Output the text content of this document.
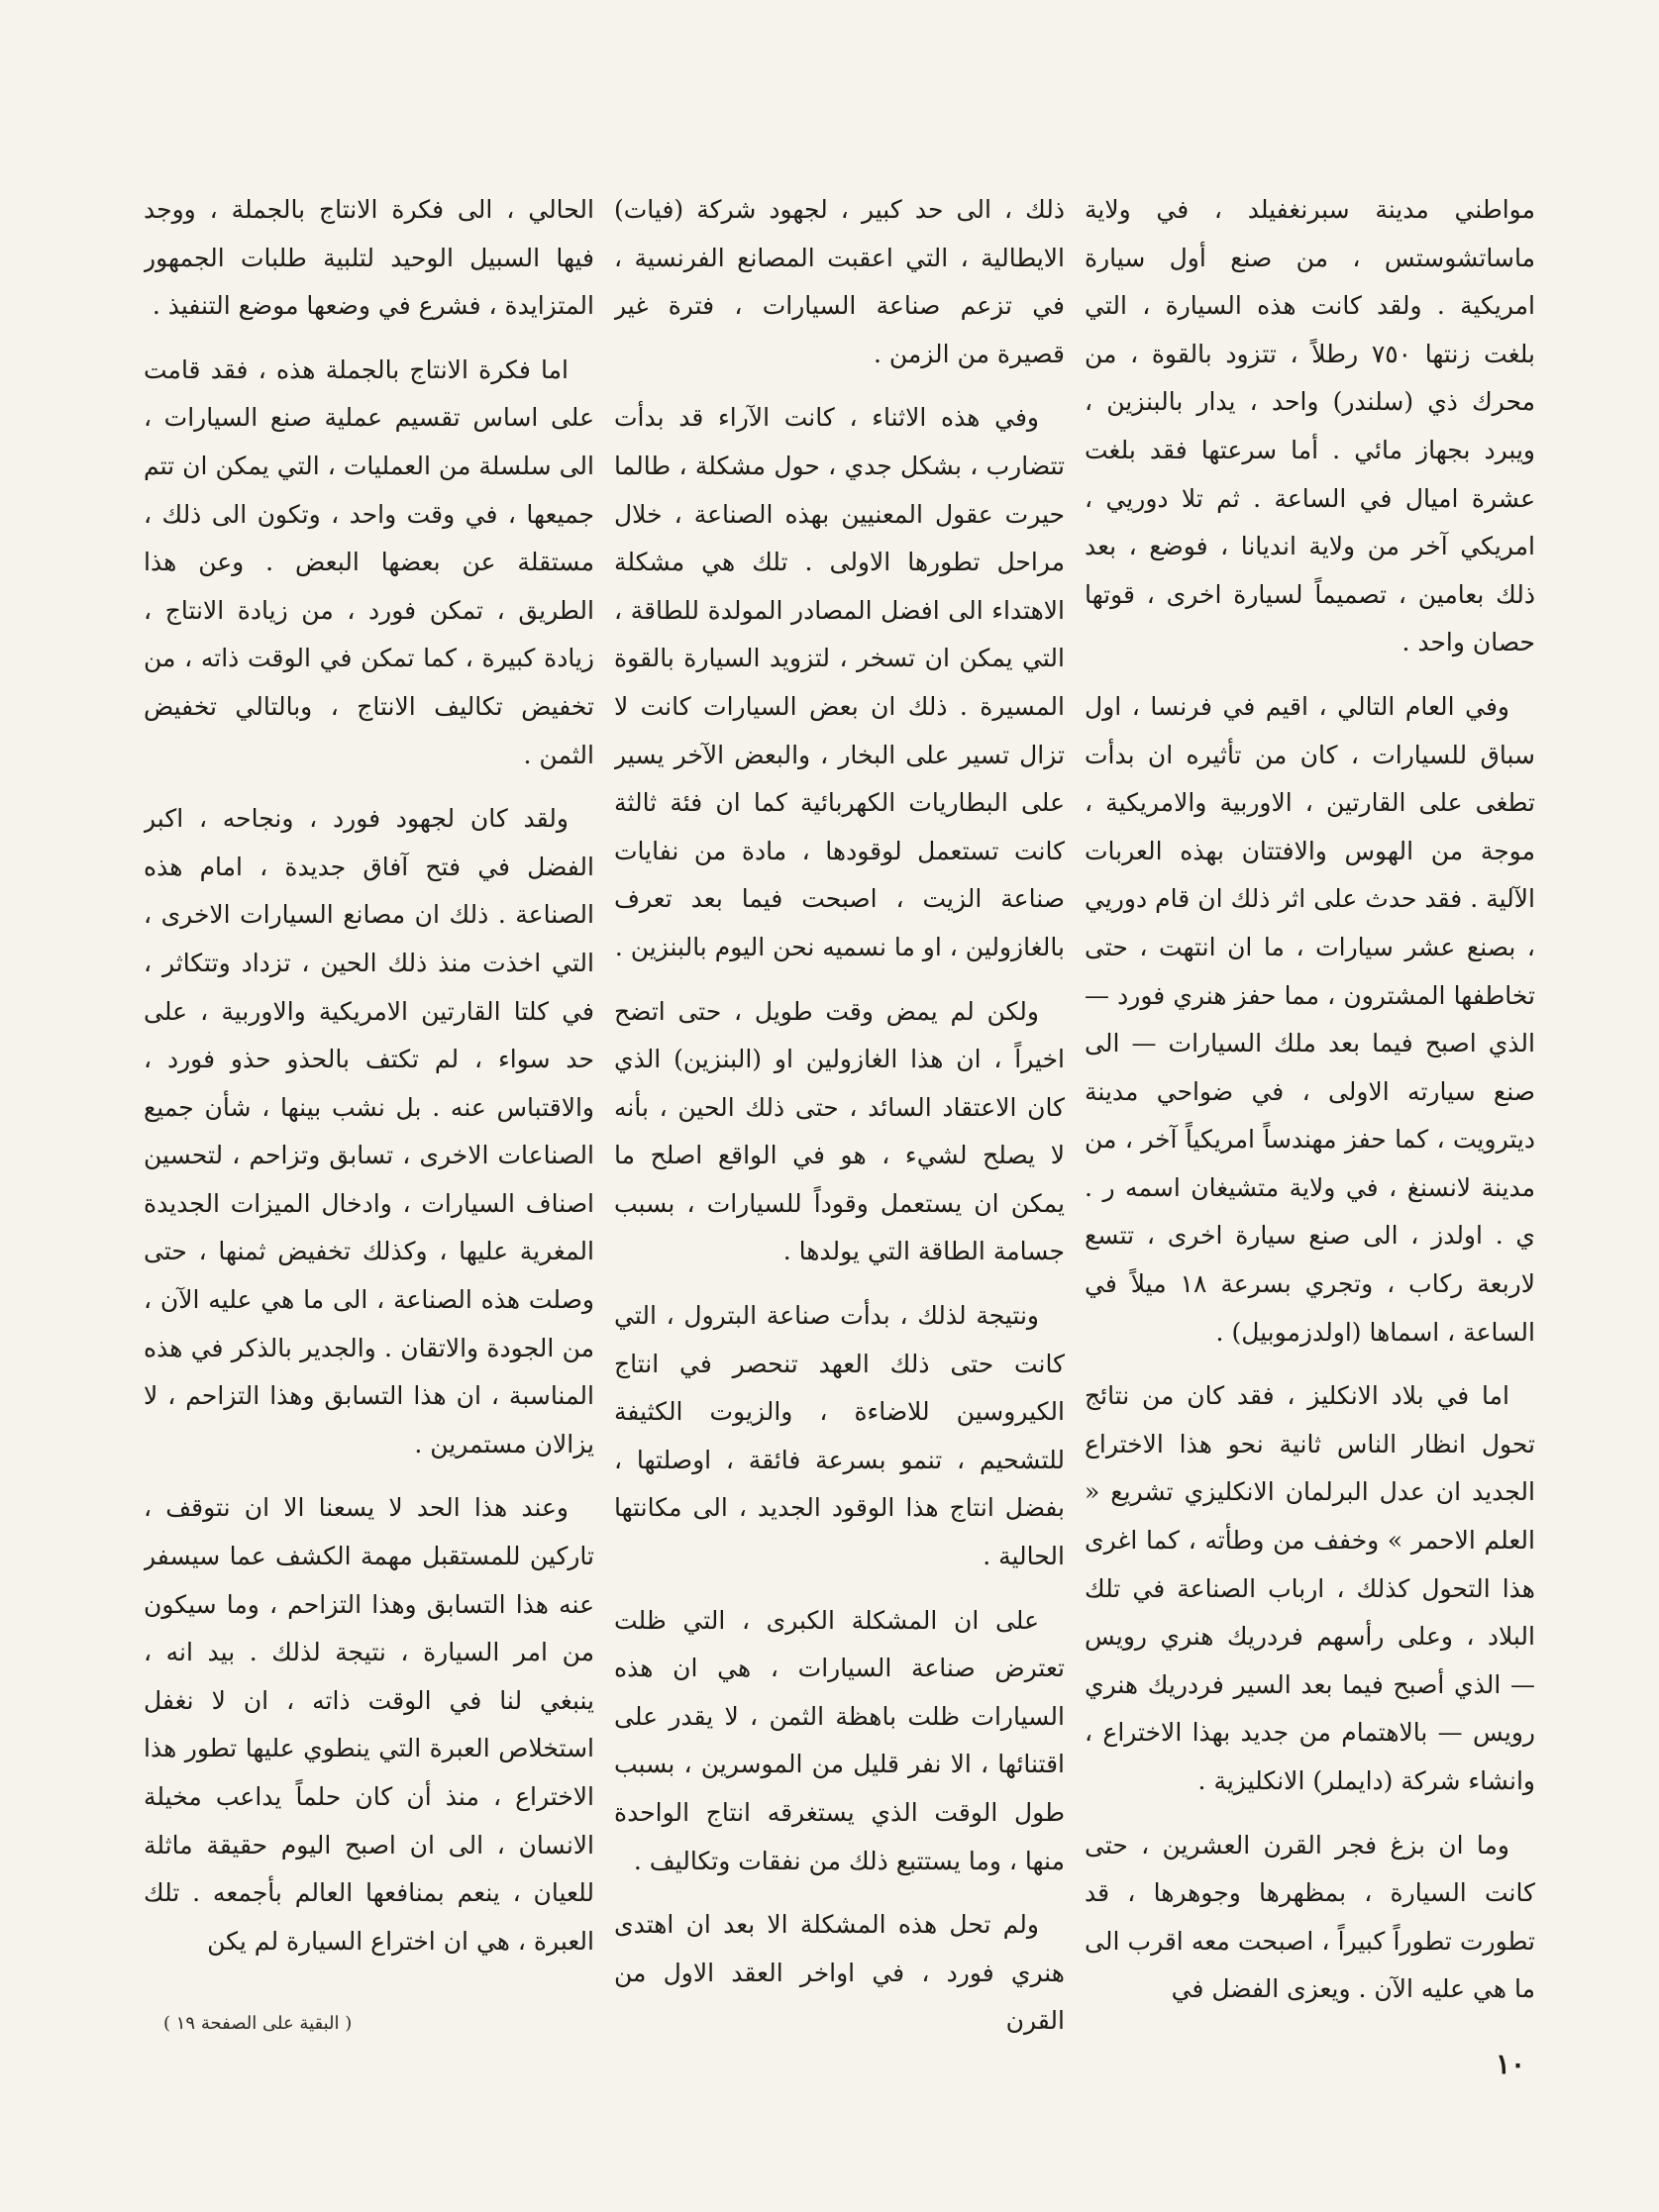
مواطني مدينة سبرنغفيلد ، في ولاية ماساتشوستس ، من صنع أول سيارة امريكية . ولقد كانت هذه السيارة ، التي بلغت زنتها ٧٥٠ رطلاً ، تتزود بالقوة ، من محرك ذي (سلندر) واحد ، يدار بالبنزين ، ويبرد بجهاز مائي . أما سرعتها فقد بلغت عشرة اميال في الساعة . ثم تلا دوريي ، امريكي آخر من ولاية انديانا ، فوضع ، بعد ذلك بعامين ، تصميماً لسيارة اخرى ، قوتها حصان واحد .

وفي العام التالي ، اقيم في فرنسا ، اول سباق للسيارات ، كان من تأثيره ان بدأت تطغى على القارتين ، الاوربية والامريكية ، موجة من الهوس والافتتان بهذه العربات الآلية . فقد حدث على اثر ذلك ان قام دوريي ، بصنع عشر سيارات ، ما ان انتهت ، حتى تخاطفها المشترون ، مما حفز هنري فورد — الذي اصبح فيما بعد ملك السيارات — الى صنع سيارته الاولى ، في ضواحي مدينة ديترويت ، كما حفز مهندساً امريكياً آخر ، من مدينة لانسنغ ، في ولاية متشيغان اسمه ر . ي . اولدز ، الى صنع سيارة اخرى ، تتسع لاربعة ركاب ، وتجري بسرعة ١٨ ميلاً في الساعة ، اسماها (اولدزموبيل) .

اما في بلاد الانكليز ، فقد كان من نتائج تحول انظار الناس ثانية نحو هذا الاختراع الجديد ان عدل البرلمان الانكليزي تشريع « العلم الاحمر » وخفف من وطأته ، كما اغرى هذا التحول كذلك ، ارباب الصناعة في تلك البلاد ، وعلى رأسهم فردريك هنري رويس — الذي أصبح فيما بعد السير فردريك هنري رويس — بالاهتمام من جديد بهذا الاختراع ، وانشاء شركة (دايملر) الانكليزية .

وما ان بزغ فجر القرن العشرين ، حتى كانت السيارة ، بمظهرها وجوهرها ، قد تطورت تطوراً كبيراً ، اصبحت معه اقرب الى ما هي عليه الآن . ويعزى الفضل في

ذلك ، الى حد كبير ، لجهود شركة (فيات) الايطالية ، التي اعقبت المصانع الفرنسية ، في تزعم صناعة السيارات ، فترة غير قصيرة من الزمن .

وفي هذه الاثناء ، كانت الآراء قد بدأت تتضارب ، بشكل جدي ، حول مشكلة ، طالما حيرت عقول المعنيين بهذه الصناعة ، خلال مراحل تطورها الاولى . تلك هي مشكلة الاهتداء الى افضل المصادر المولدة للطاقة ، التي يمكن ان تسخر ، لتزويد السيارة بالقوة المسيرة . ذلك ان بعض السيارات كانت لا تزال تسير على البخار ، والبعض الآخر يسير على البطاريات الكهربائية كما ان فئة ثالثة كانت تستعمل لوقودها ، مادة من نفايات صناعة الزيت ، اصبحت فيما بعد تعرف بالغازولين ، او ما نسميه نحن اليوم بالبنزين .

ولكن لم يمض وقت طويل ، حتى اتضح اخيراً ، ان هذا الغازولين او (البنزين) الذي كان الاعتقاد السائد ، حتى ذلك الحين ، بأنه لا يصلح لشيء ، هو في الواقع اصلح ما يمكن ان يستعمل وقوداً للسيارات ، بسبب جسامة الطاقة التي يولدها .

ونتيجة لذلك ، بدأت صناعة البترول ، التي كانت حتى ذلك العهد تنحصر في انتاج الكيروسين للاضاءة ، والزيوت الكثيفة للتشحيم ، تنمو بسرعة فائقة ، اوصلتها ، بفضل انتاج هذا الوقود الجديد ، الى مكانتها الحالية .

على ان المشكلة الكبرى ، التي ظلت تعترض صناعة السيارات ، هي ان هذه السيارات ظلت باهظة الثمن ، لا يقدر على اقتنائها ، الا نفر قليل من الموسرين ، بسبب طول الوقت الذي يستغرقه انتاج الواحدة منها ، وما يستتبع ذلك من نفقات وتكاليف .

ولم تحل هذه المشكلة الا بعد ان اهتدى هنري فورد ، في اواخر العقد الاول من القرن

الحالي ، الى فكرة الانتاج بالجملة ، ووجد فيها السبيل الوحيد لتلبية طلبات الجمهور المتزايدة ، فشرع في وضعها موضع التنفيذ .

اما فكرة الانتاج بالجملة هذه ، فقد قامت على اساس تقسيم عملية صنع السيارات ، الى سلسلة من العمليات ، التي يمكن ان تتم جميعها ، في وقت واحد ، وتكون الى ذلك ، مستقلة عن بعضها البعض . وعن هذا الطريق ، تمكن فورد ، من زيادة الانتاج ، زيادة كبيرة ، كما تمكن في الوقت ذاته ، من تخفيض تكاليف الانتاج ، وبالتالي تخفيض الثمن .

ولقد كان لجهود فورد ، ونجاحه ، اكبر الفضل في فتح آفاق جديدة ، امام هذه الصناعة . ذلك ان مصانع السيارات الاخرى ، التي اخذت منذ ذلك الحين ، تزداد وتتكاثر ، في كلتا القارتين الامريكية والاوربية ، على حد سواء ، لم تكتف بالحذو حذو فورد ، والاقتباس عنه . بل نشب بينها ، شأن جميع الصناعات الاخرى ، تسابق وتزاحم ، لتحسين اصناف السيارات ، وادخال الميزات الجديدة المغرية عليها ، وكذلك تخفيض ثمنها ، حتى وصلت هذه الصناعة ، الى ما هي عليه الآن ، من الجودة والاتقان . والجدير بالذكر في هذه المناسبة ، ان هذا التسابق وهذا التزاحم ، لا يزالان مستمرين .

وعند هذا الحد لا يسعنا الا ان نتوقف ، تاركين للمستقبل مهمة الكشف عما سيسفر عنه هذا التسابق وهذا التزاحم ، وما سيكون من امر السيارة ، نتيجة لذلك . بيد انه ، ينبغي لنا في الوقت ذاته ، ان لا نغفل استخلاص العبرة التي ينطوي عليها تطور هذا الاختراع ، منذ أن كان حلماً يداعب مخيلة الانسان ، الى ان اصبح اليوم حقيقة ماثلة للعيان ، ينعم بمنافعها العالم بأجمعه . تلك العبرة ، هي ان اختراع السيارة لم يكن

( البقية على الصفحة ١٩ )
١٠
